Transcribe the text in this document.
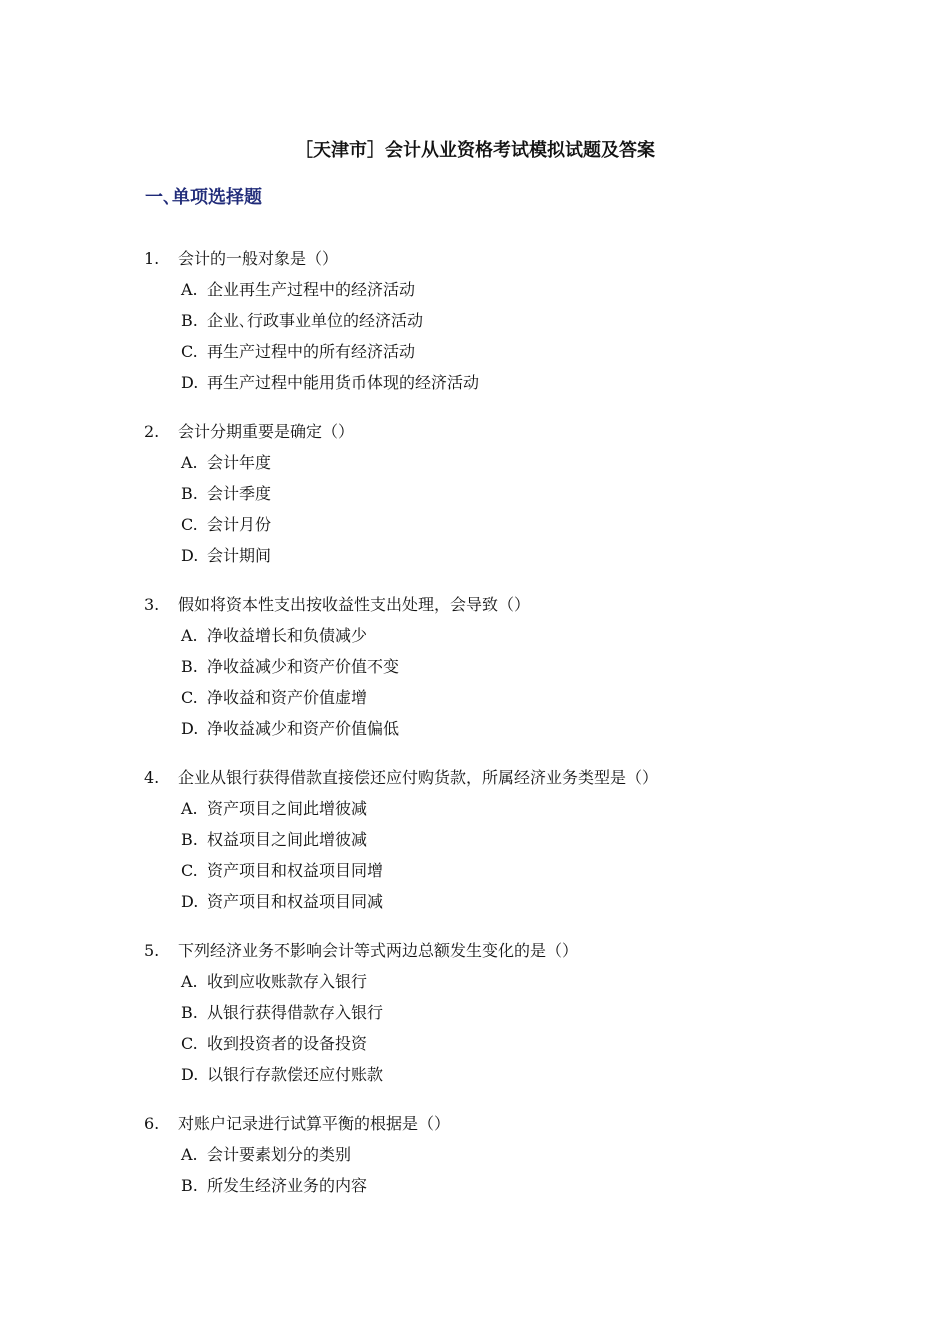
［天津市］会计从业资格考试模拟试题及答案
一､单项选择题
1. 会计的一般对象是（）
A. 企业再生产过程中的经济活动
B. 企业､行政事业单位的经济活动
C. 再生产过程中的所有经济活动
D. 再生产过程中能用货币体现的经济活动
2. 会计分期重要是确定（）
A. 会计年度
B. 会计季度
C. 会计月份
D. 会计期间
3. 假如将资本性支出按收益性支出处理，会导致（）
A. 净收益增长和负债减少
B. 净收益减少和资产价值不变
C. 净收益和资产价值虚增
D. 净收益减少和资产价值偏低
4. 企业从银行获得借款直接偿还应付购货款，所属经济业务类型是（）
A. 资产项目之间此增彼减
B. 权益项目之间此增彼减
C. 资产项目和权益项目同增
D. 资产项目和权益项目同减
5. 下列经济业务不影响会计等式两边总额发生变化的是（）
A. 收到应收账款存入银行
B. 从银行获得借款存入银行
C. 收到投资者的设备投资
D. 以银行存款偿还应付账款
6. 对账户记录进行试算平衡的根据是（）
A. 会计要素划分的类别
B. 所发生经济业务的内容
